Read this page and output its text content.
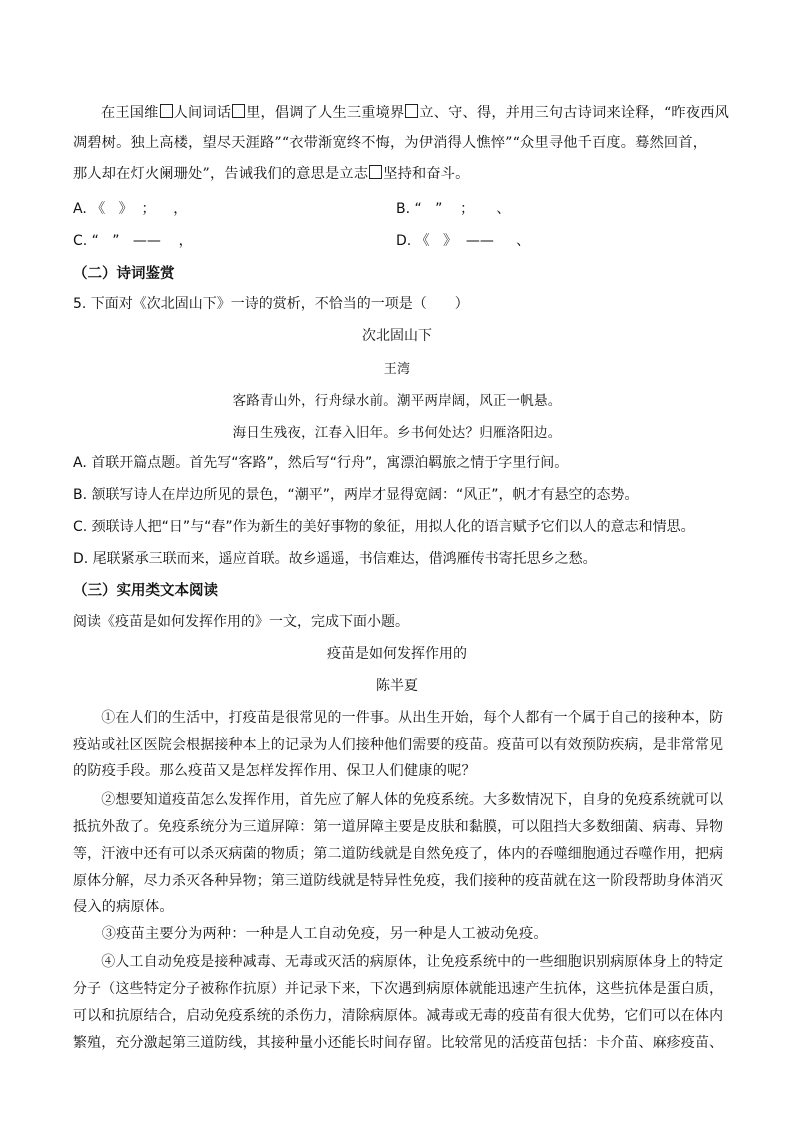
在王国维 人间词话 里，倡调了人生三重境界 立、守、得，并用三句古诗词来诠释，“昨夜西风
凋碧树。独上高楼，望尽天涯路”“衣带渐宽终不悔，为伊消得人憔悴”“众里寻他千百度。蓦然回首，
那人却在灯火阑珊处”，告诫我们的意思是立志 坚持和奋斗。
A. 《   》  ；    ，	B. “   ”    ；     、
C. “   ”   ——    ，	D. 《   》  ——     、
（二）诗词鉴赏
5. 下面对《次北固山下》一诗的赏析，不恰当的一项是（　　）
次北固山下
王湾
客路青山外，行舟绿水前。潮平两岸阔，风正一帆悬。
海日生残夜，江春入旧年。乡书何处达？归雁洛阳边。
A. 首联开篇点题。首先写“客路”，然后写“行舟”，寓漂泊羁旅之情于字里行间。
B. 颔联写诗人在岸边所见的景色，“潮平”，两岸才显得宽阔：“风正”，帆才有悬空的态势。
C. 颈联诗人把“日”与“春”作为新生的美好事物的象征，用拟人化的语言赋予它们以人的意志和情思。
D. 尾联紧承三联而来，遥应首联。故乡遥遥，书信难达，借鸿雁传书寄托思乡之愁。
（三）实用类文本阅读
阅读《疫苗是如何发挥作用的》一文，完成下面小题。
疫苗是如何发挥作用的
陈半夏
　　①在人们的生活中，打疫苗是很常见的一件事。从出生开始，每个人都有一个属于自己的接种本，防
疫站或社区医院会根据接种本上的记录为人们接种他们需要的疫苗。疫苗可以有效预防疾病，是非常常见
的防疫手段。那么疫苗又是怎样发挥作用、保卫人们健康的呢？
　　②想要知道疫苗怎么发挥作用，首先应了解人体的免疫系统。大多数情况下，自身的免疫系统就可以
抵抗外敌了。免疫系统分为三道屏障：第一道屏障主要是皮肤和黏膜，可以阻挡大多数细菌、病毒、异物
等，汗液中还有可以杀灭病菌的物质；第二道防线就是自然免疫了，体内的吞噬细胞通过吞噬作用，把病
原体分解，尽力杀灭各种异物；第三道防线就是特异性免疫，我们接种的疫苗就在这一阶段帮助身体消灭
侵入的病原体。
　　③疫苗主要分为两种：一种是人工自动免疫，另一种是人工被动免疫。
　　④人工自动免疫是接种减毒、无毒或灭活的病原体，让免疫系统中的一些细胞识别病原体身上的特定
分子（这些特定分子被称作抗原）并记录下来，下次遇到病原体就能迅速产生抗体，这些抗体是蛋白质，
可以和抗原结合，启动免疫系统的杀伤力，清除病原体。减毒或无毒的疫苗有很大优势，它们可以在体内
繁殖，充分激起第三道防线，其接种量小还能长时间存留。比较常见的活疫苗包括：卡介苗、麻疹疫苗、
